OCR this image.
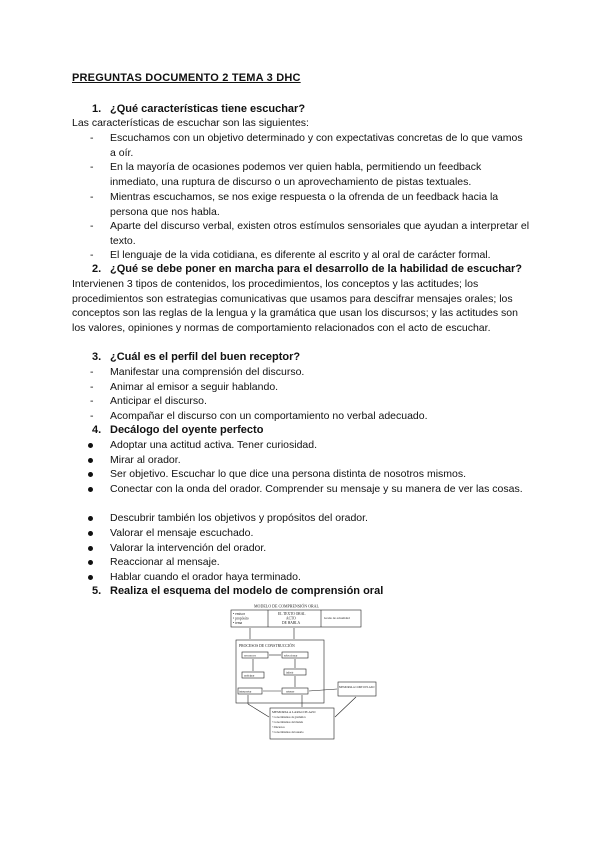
PREGUNTAS DOCUMENTO 2 TEMA 3 DHC
1. ¿Qué características tiene escuchar?
Las características de escuchar son las siguientes:
- Escuchamos con un objetivo determinado y con expectativas concretas de lo que vamos a oír.
- En la mayoría de ocasiones podemos ver quien habla, permitiendo un feedback inmediato, una ruptura de discurso o un aprovechamiento de pistas textuales.
- Mientras escuchamos, se nos exige respuesta o la ofrenda de un feedback hacia la persona que nos habla.
- Aparte del discurso verbal, existen otros estímulos sensoriales que ayudan a interpretar el texto.
- El lenguaje de la vida cotidiana, es diferente al escrito y al oral de carácter formal.
2. ¿Qué se debe poner en marcha para el desarrollo de la habilidad de escuchar?
Intervienen 3 tipos de contenidos, los procedimientos, los conceptos y las actitudes; los procedimientos son estrategias comunicativas que usamos para descifrar mensajes orales; los conceptos son las reglas de la lengua y la gramática que usan los discursos; y las actitudes son los valores, opiniones y normas de comportamiento relacionados con el acto de escuchar.
3. ¿Cuál es el perfil del buen receptor?
- Manifestar una comprensión del discurso.
- Animar al emisor a seguir hablando.
- Anticipar el discurso.
- Acompañar el discurso con un comportamiento no verbal adecuado.
4. Decálogo del oyente perfecto
Adoptar una actitud activa. Tener curiosidad.
Mirar al orador.
Ser objetivo. Escuchar lo que dice una persona distinta de nosotros mismos.
Conectar con la onda del orador. Comprender su mensaje y su manera de ver las cosas.
Descubrir también los objetivos y propósitos del orador.
Valorar el mensaje escuchado.
Valorar la intervención del orador.
Reaccionar al mensaje.
Hablar cuando el orador haya terminado.
5. Realiza el esquema del modelo de comprensión oral
MODELO DE COMPRENSIÓN ORAL
• emisor
• propósito
• tema
EL TEXTO ORAL
ACTO
DE HABLA
Grado de actualidad
PROCESOS DE CONSTRUCCIÓN
reconocer	seleccionar
anticipar
inferir
interpretar	retener
MEMORIA A CORTO PLAZO
MEMORIA A LARGO PLAZO
• Conocimientos de gramática
• Conocimientos del mundo
• Discursos
• Conocimientos del usuario
